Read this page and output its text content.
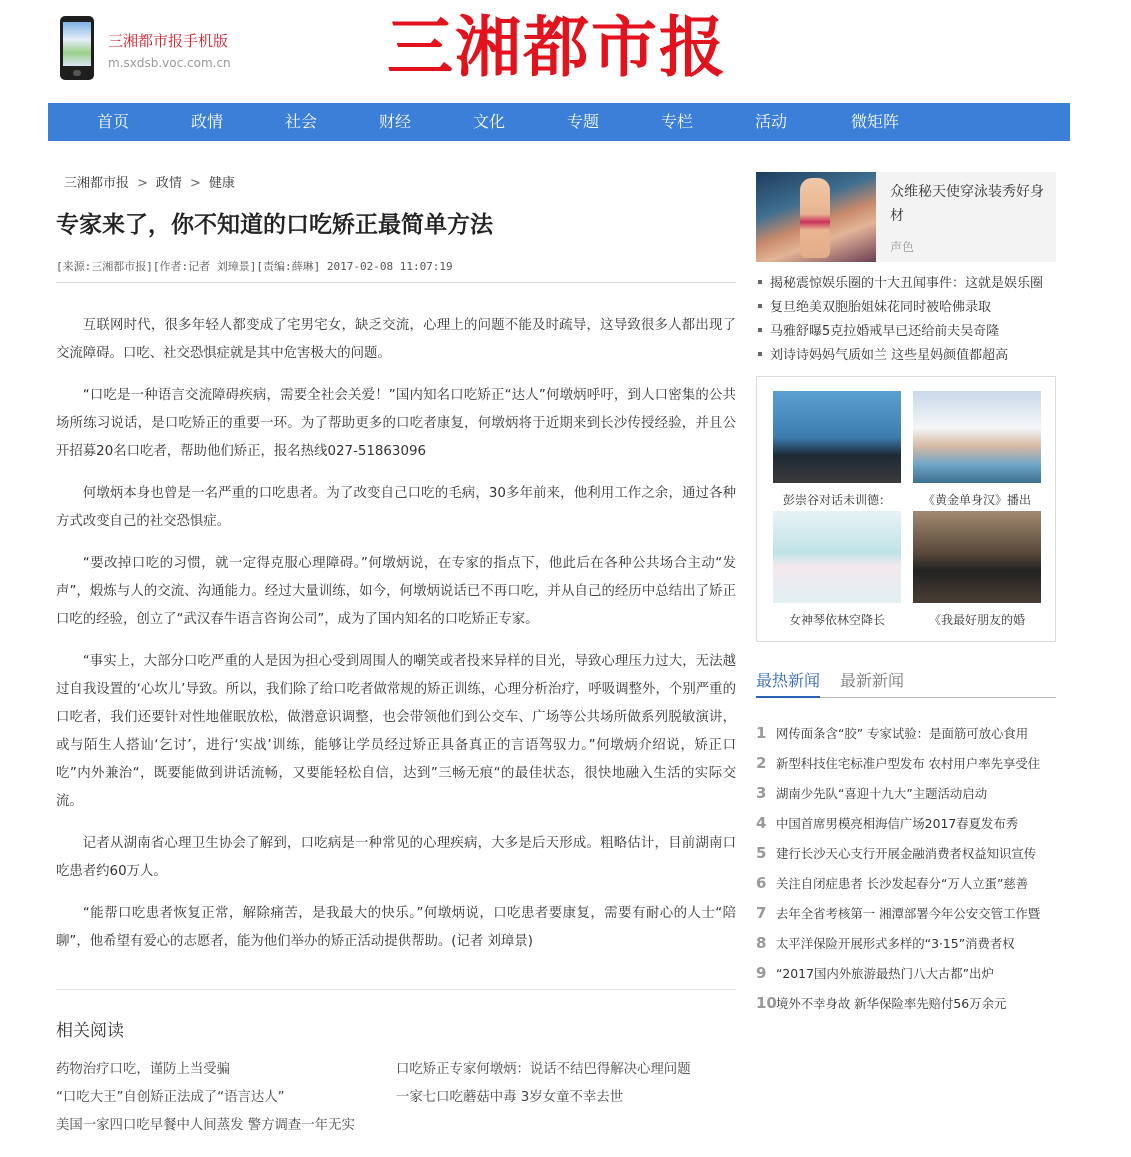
三湘都市报手机版
m.sxdsb.voc.com.cn 三湘都市报
首页	政情	社会	财经	文化	专题	专栏	活动	微矩阵
三湘都市报 > 政情 > 健康
专家来了，你不知道的口吃矫正最简单方法
[来源:三湘都市报][作者:记者 刘璋景][责编:薛琳] 2017-02-08 11:07:19

互联网时代，很多年轻人都变成了宅男宅女，缺乏交流，心理上的问题不能及时疏导，这导致很多人都出现了交流障碍。口吃、社交恐惧症就是其中危害极大的问题。

“口吃是一种语言交流障碍疾病，需要全社会关爱！”国内知名口吃矫正“达人”何墩炳呼吁，到人口密集的公共场所练习说话，是口吃矫正的重要一环。为了帮助更多的口吃者康复，何墩炳将于近期来到长沙传授经验，并且公开招募20名口吃者，帮助他们矫正，报名热线027-51863096

何墩炳本身也曾是一名严重的口吃患者。为了改变自己口吃的毛病，30多年前来，他利用工作之余，通过各种方式改变自己的社交恐惧症。

“要改掉口吃的习惯，就一定得克服心理障碍。”何墩炳说，在专家的指点下，他此后在各种公共场合主动“发声”，煅炼与人的交流、沟通能力。经过大量训练，如今，何墩炳说话已不再口吃，并从自己的经历中总结出了矫正口吃的经验，创立了“武汉春牛语言咨询公司”，成为了国内知名的口吃矫正专家。

“事实上，大部分口吃严重的人是因为担心受到周围人的嘲笑或者投来异样的目光，导致心理压力过大，无法越过自我设置的‘心坎儿’导致。所以，我们除了给口吃者做常规的矫正训练，心理分析治疗，呼吸调整外，个别严重的口吃者，我们还要针对性地催眠放松，做潜意识调整，也会带领他们到公交车、广场等公共场所做系列脱敏演讲，或与陌生人搭讪‘乞讨’，进行‘实战’训练，能够让学员经过矫正具备真正的言语驾驭力。”何墩炳介绍说，矫正口吃”内外兼治“，既要能做到讲话流畅，又要能轻松自信，达到”三畅无痕“的最佳状态，很快地融入生活的实际交流。

记者从湖南省心理卫生协会了解到，口吃病是一种常见的心理疾病，大多是后天形成。粗略估计，目前湖南口吃患者约60万人。

“能帮口吃患者恢复正常，解除痛苦，是我最大的快乐。”何墩炳说，口吃患者要康复，需要有耐心的人士“陪聊”，他希望有爱心的志愿者，能为他们举办的矫正活动提供帮助。(记者 刘璋景)

相关阅读
药物治疗口吃，谨防上当受骗	口吃矫正专家何墩炳：说话不结巴得解决心理问题
“口吃大王”自创矫正法成了“语言达人”	一家七口吃蘑菇中毒 3岁女童不幸去世
美国一家四口吃早餐中人间蒸发 警方调查一年无实
众维秘天使穿泳装秀好身材
声色
揭秘震惊娱乐圈的十大丑闻事件：这就是娱乐圈
复旦绝美双胞胎姐妹花同时被哈佛录取
马雅舒曝5克拉婚戒早已还给前夫吴奇隆
刘诗诗妈妈气质如兰 这些星妈颜值都超高
彭崇谷对话未训德：	《黄金单身汉》播出
女神琴依林空降长	《我最好朋友的婚
最热新闻 最新新闻
1 网传面条含“胶” 专家试验：是面筋可放心食用
2 新型科技住宅标准户型发布 农村用户率先享受住
3 湖南少先队“喜迎十九大”主题活动启动
4 中国首席男模亮相海信广场2017春夏发布秀
5 建行长沙天心支行开展金融消费者权益知识宣传
6 关注自闭症患者 长沙发起春分“万人立蛋”慈善
7 去年全省考核第一 湘潭部署今年公安交管工作暨
8 太平洋保险开展形式多样的“3·15”消费者权
9 “2017国内外旅游最热门八大古都”出炉
10境外不幸身故 新华保险率先赔付56万余元
